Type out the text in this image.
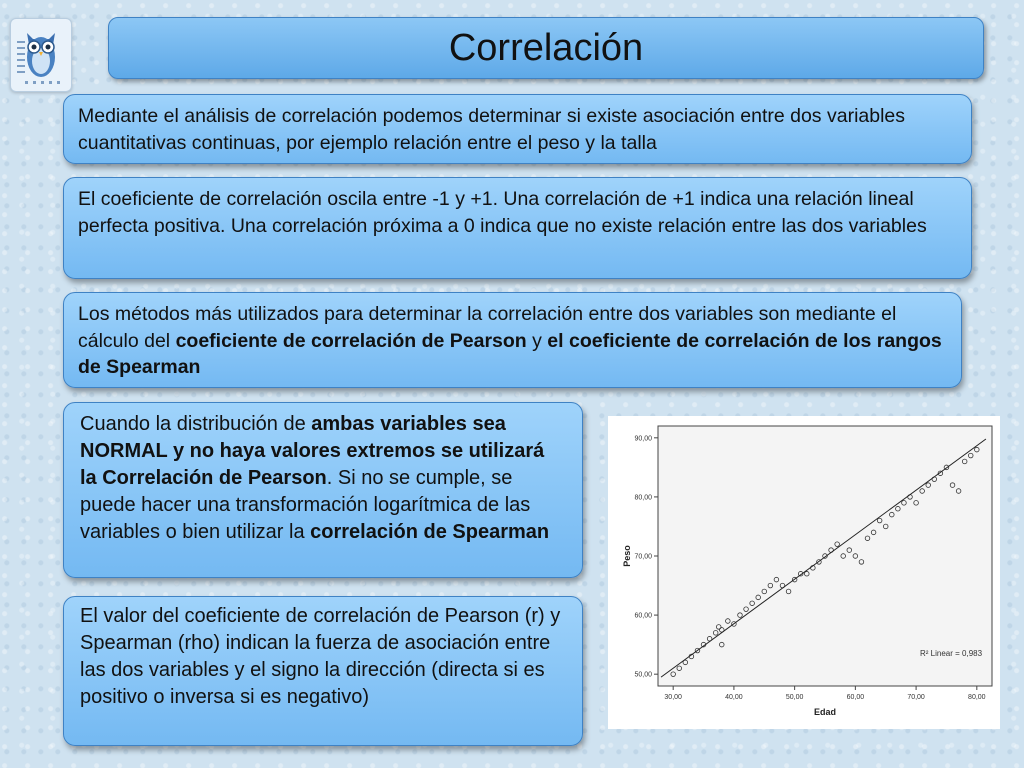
Correlación
Mediante el análisis de correlación podemos determinar si existe asociación entre dos variables cuantitativas continuas, por ejemplo relación entre el peso y la talla
El coeficiente de correlación oscila entre -1 y +1. Una correlación de +1 indica una relación lineal perfecta positiva. Una correlación próxima a 0 indica que no existe relación entre las dos variables
Los métodos más utilizados para determinar la correlación entre dos variables son mediante el cálculo del coeficiente de correlación de Pearson y el coeficiente de correlación de los rangos de Spearman
Cuando la distribución de ambas variables sea NORMAL y no haya valores extremos se utilizará la Correlación de Pearson. Si no se cumple, se puede hacer una transformación logarítmica de las variables o bien utilizar la correlación de Spearman
El valor del coeficiente de correlación de Pearson (r) y Spearman (rho) indican la fuerza de asociación entre las dos variables y el signo la dirección (directa si es positivo o inversa si es negativo)	30,00	40,00	50,00	60,00	70,00	80,00
50,00
60,00
70,00
80,00
90,00
R² Linear = 0,983
Edad
Peso
